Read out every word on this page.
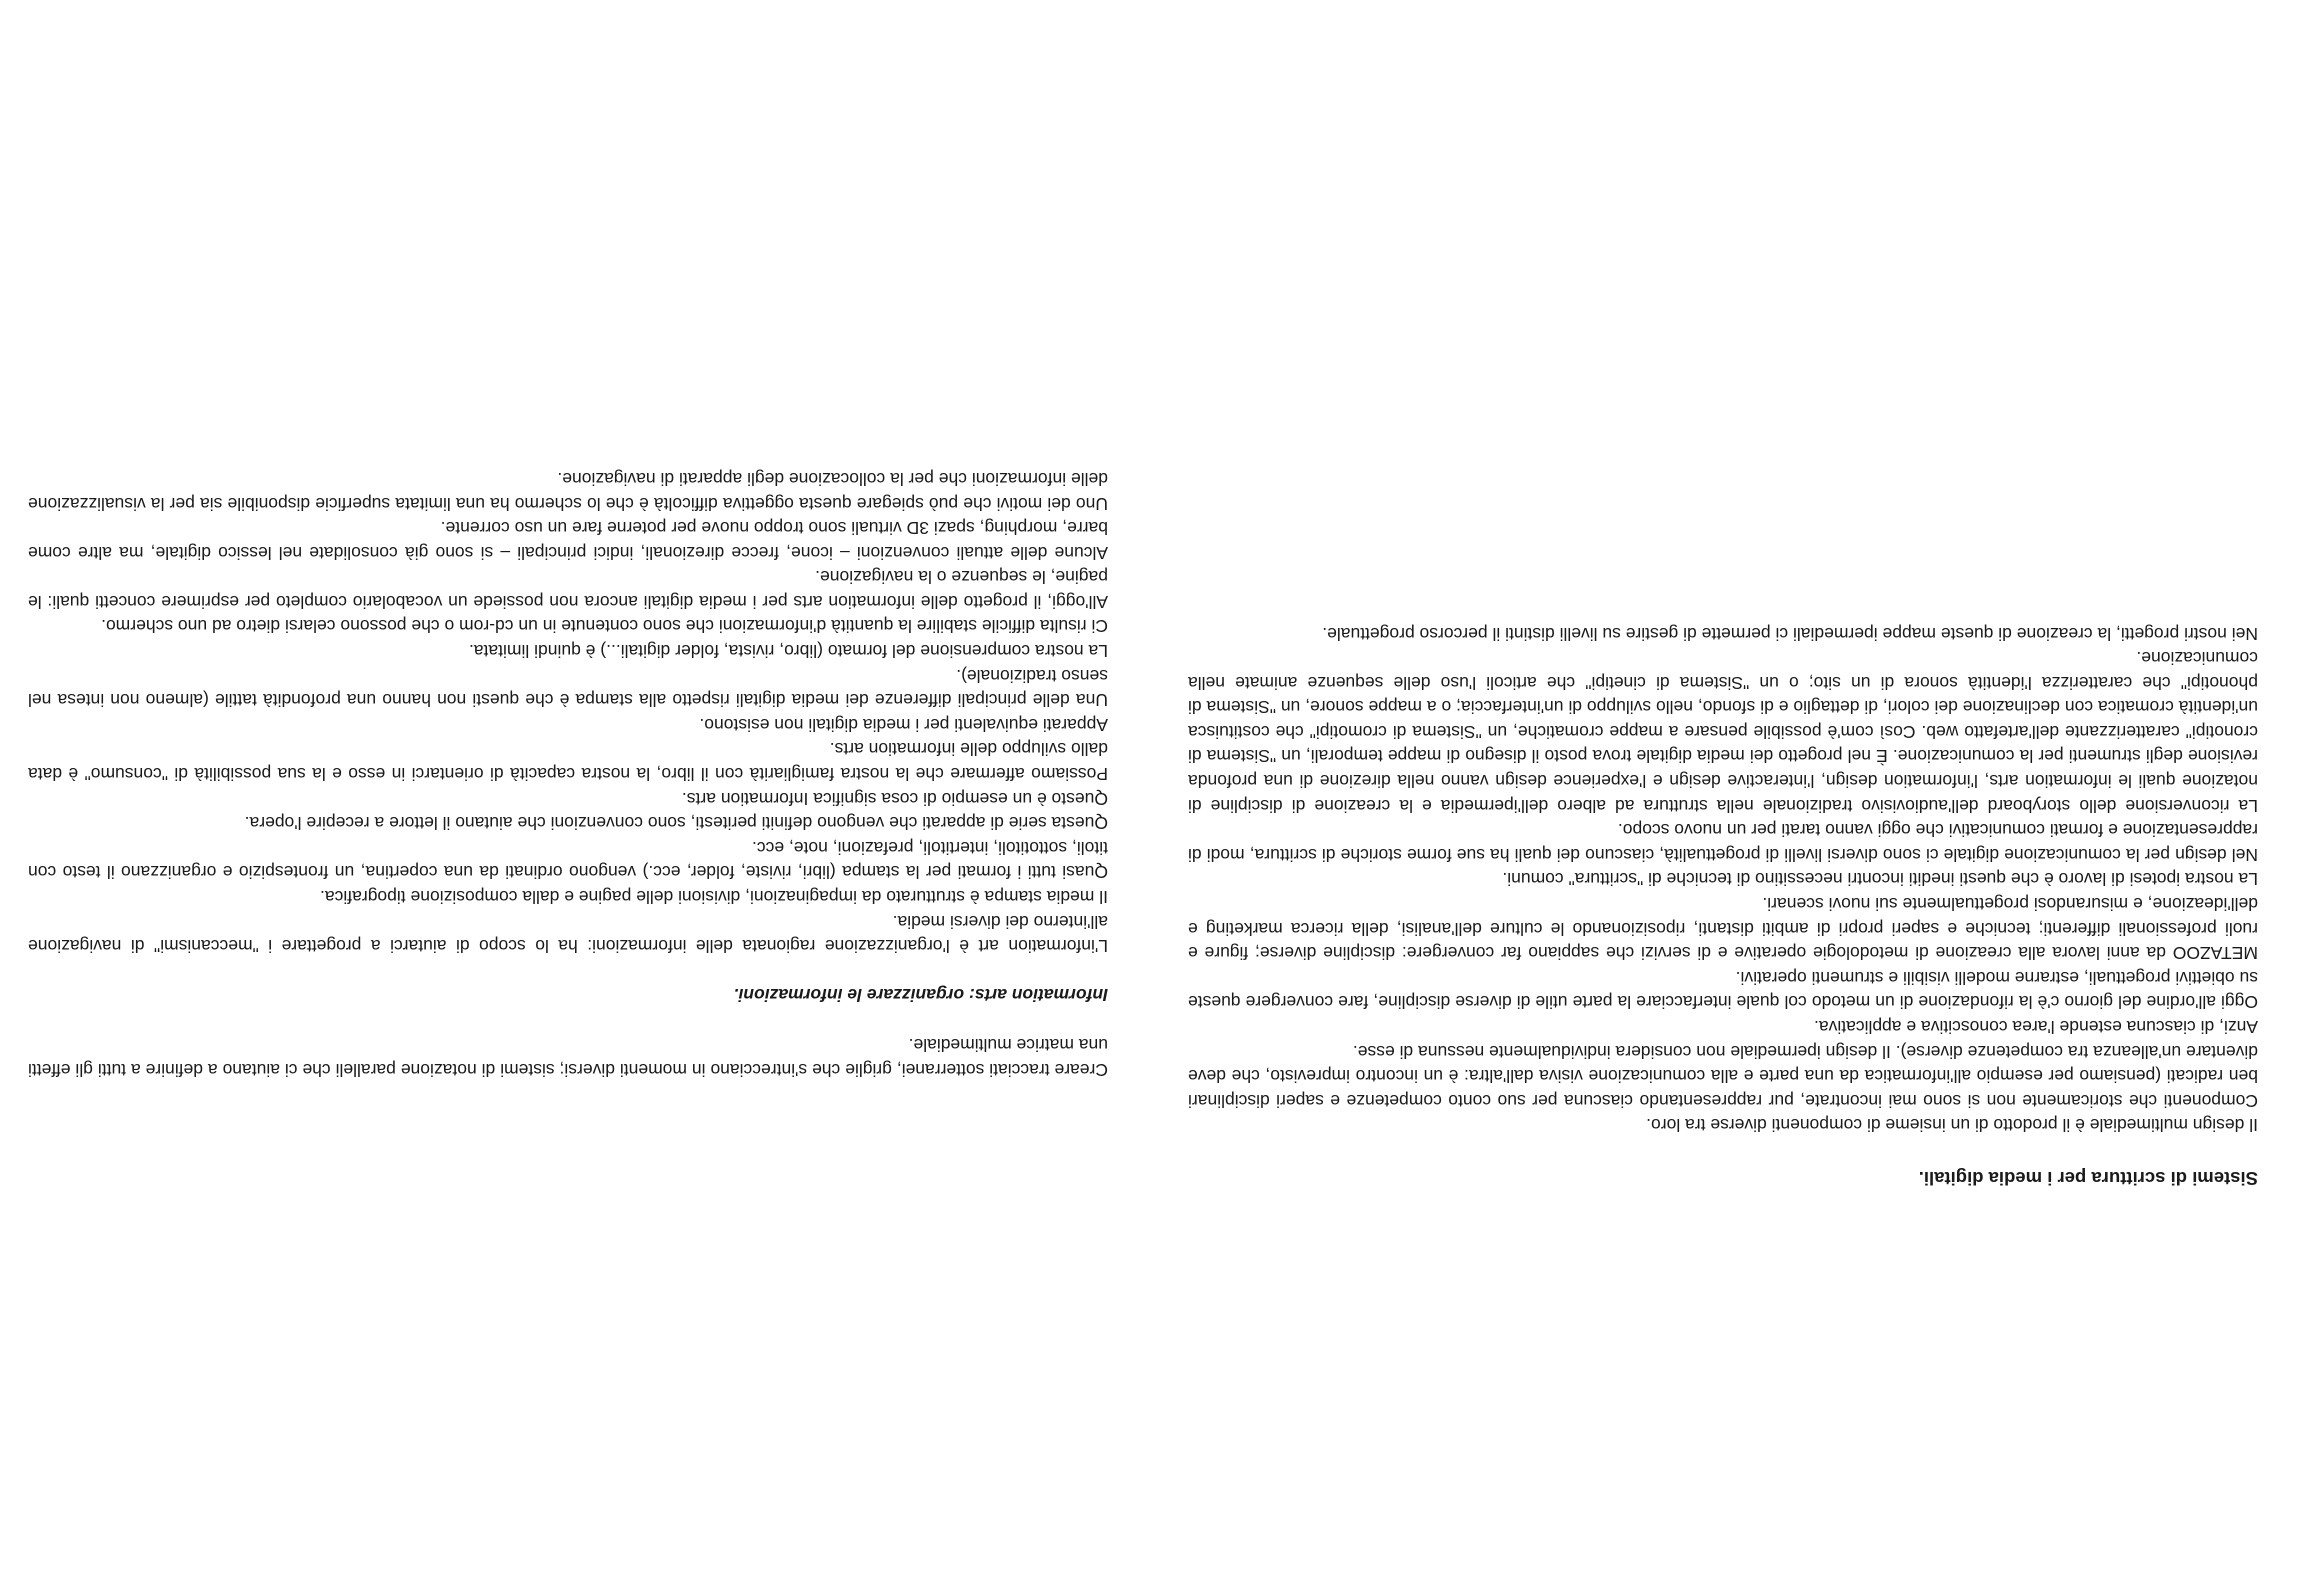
Sistemi di scrittura per i media digitali.

Il design multimediale è il prodotto di un insieme di componenti diverse tra loro.

Componenti che storicamente non si sono mai incontrate, pur rappresentando ciascuna per suo conto competenze e saperi disciplinari ben radicati (pensiamo per esempio all'informatica da una parte e alla comunicazione visiva dall'altra: è un incontro imprevisto, che deve diventare un'alleanza tra competenze diverse). Il design ipermediale non considera individualmente nessuna di esse.

Anzi, di ciascuna estende l'area conoscitiva e applicativa.

Oggi all'ordine del giorno c'è la rifondazione di un metodo col quale interfacciare la parte utile di diverse discipline, fare convergere queste su obiettivi progettuali, estrarne modelli visibili e strumenti operativi.

METAZOO da anni lavora alla creazione di metodologie operative e di servizi che sappiano far convergere: discipline diverse; figure e ruoli professionali differenti; tecniche e saperi propri di ambiti distanti, riposizionando le culture dell'analisi, della ricerca marketing e dell'ideazione, e misurandosi progettualmente sui nuovi scenari.

La nostra ipotesi di lavoro è che questi inediti incontri necessitino di tecniche di "scrittura" comuni.

Nel design per la comunicazione digitale ci sono diversi livelli di progettualità, ciascuno dei quali ha sue forme storiche di scrittura, modi di rappresentazione e formati comunicativi che oggi vanno tarati per un nuovo scopo.

La riconversione dello storyboard dell'audiovisivo tradizionale nella struttura ad albero dell'ipermedia e la creazione di discipline di notazione quali le information arts, l'information design, l'interactive design e l'experience design vanno nella direzione di una profonda revisione degli strumenti per la comunicazione. È nel progetto dei media digitale trova posto il disegno di mappe temporali, un "Sistema di cronotipi" caratterizzante dell'artefatto web. Così com'è possibile pensare a mappe cromatiche, un "Sistema di cromotipi" che costituisca un'identità cromatica con declinazione dei colori, di dettaglio e di sfondo, nello sviluppo di un'interfaccia; o a mappe sonore, un "Sistema di phonotipi" che caratterizza l'identità sonora di un sito; o un "Sistema di cinetipi" che articoli l'uso delle sequenze animate nella comunicazione.

Nei nostri progetti, la creazione di queste mappe ipermediali ci permette di gestire su livelli distinti il percorso progettuale.

Creare tracciati sotterranei, griglie che s'intrecciano in momenti diversi; sistemi di notazione paralleli che ci aiutano a definire a tutti gli effetti una matrice multimediale.

Information arts: organizzare le informazioni.

L'information art è l'organizzazione ragionata delle informazioni: ha lo scopo di aiutarci a progettare i "meccanismi" di navigazione all'interno dei diversi media.

Il media stampa è strutturato da impaginazioni, divisioni delle pagine e dalla composizione tipografica.

Quasi tutti i formati per la stampa (libri, riviste, folder, ecc.) vengono ordinati da una copertina, un frontespizio e organizzano il testo con titoli, sottotitoli, intertitoli, prefazioni, note, ecc.

Questa serie di apparati che vengono definiti peritesti, sono convenzioni che aiutano il lettore a recepire l'opera.

Questo è un esempio di cosa significa Information arts.

Possiamo affermare che la nostra famigliarità con il libro, la nostra capacità di orientarci in esso e la sua possibilità di "consumo" è data dallo sviluppo delle information arts.

Apparati equivalenti per i media digitali non esistono.

Una delle principali differenze dei media digitali rispetto alla stampa è che questi non hanno una profondità tattile (almeno non intesa nel senso tradizionale).

La nostra comprensione del formato (libro, rivista, folder digitali...) è quindi limitata.

Ci risulta difficile stabilire la quantità d'informazioni che sono contenute in un cd-rom o che possono celarsi dietro ad uno schermo.

All'oggi, il progetto delle information arts per i media digitali ancora non possiede un vocabolario completo per esprimere concetti quali: le pagine, le sequenze o la navigazione.

Alcune delle attuali convenzioni – icone, frecce direzionali, indici principali – si sono già consolidate nel lessico digitale, ma altre come barre, morphing, spazi 3D virtuali sono troppo nuove per poterne fare un uso corrente.

Uno dei motivi che può spiegare questa oggettiva difficoltà è che lo schermo ha una limitata superficie disponibile sia per la visualizzazione delle informazioni che per la collocazione degli apparati di navigazione.
